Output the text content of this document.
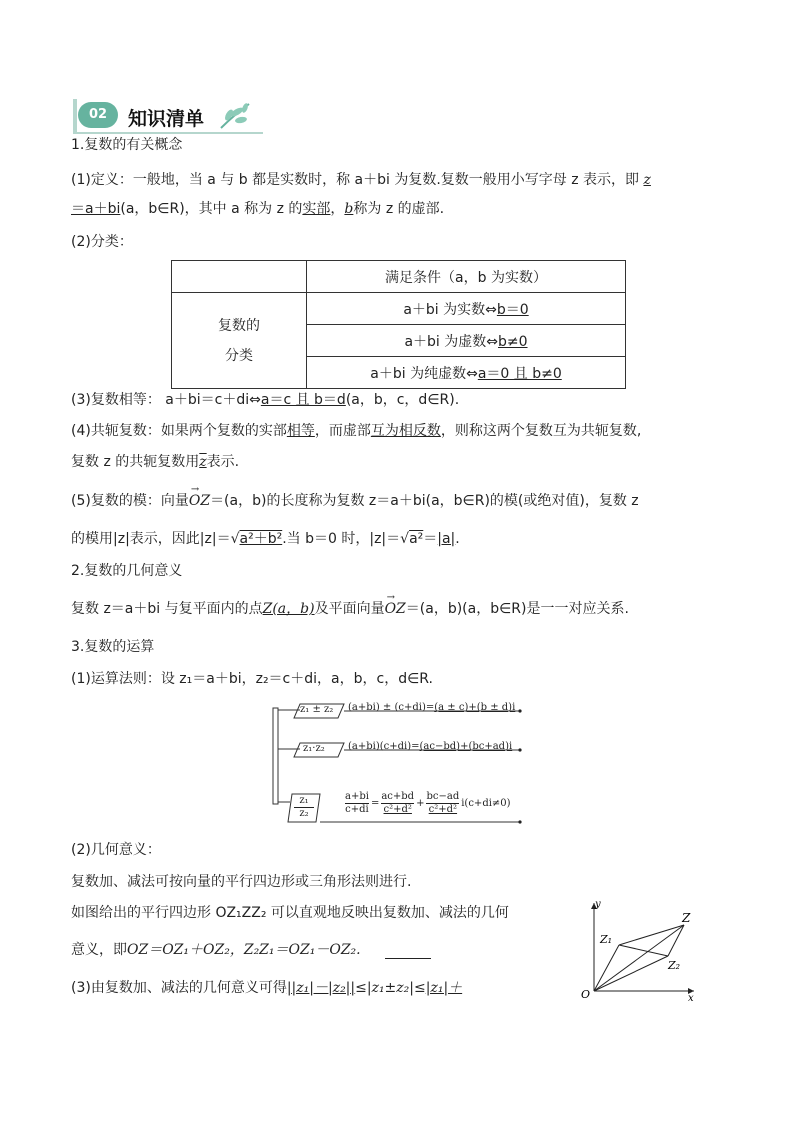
02	知识清单
1.复数的有关概念
(1)定义：一般地，当 a 与 b 都是实数时，称 a＋bi 为复数.复数一般用小写字母 z 表示，即 z
＝a＋bi(a，b∈R)，其中 a 称为 z 的实部，b称为 z 的虚部.
(2)分类：
	满足条件（a，b 为实数）

复数的
分类	a＋bi 为实数⇔b＝0
	a＋bi 为虚数⇔b≠0
	a＋bi 为纯虚数⇔a＝0 且 b≠0
(3)复数相等： a＋bi＝c＋di⇔a＝c 且 b＝d(a，b，c，d∈R).
(4)共轭复数：如果两个复数的实部相等，而虚部互为相反数，则称这两个复数互为共轭复数,
复数 z 的共轭复数用z表示.
(5)复数的模：向量→ OZ＝(a，b)的长度称为复数 z＝a＋bi(a，b∈R)的模(或绝对值)，复数 z
的模用|z|表示，因此|z|＝√a²＋b².当 b＝0 时，|z|＝√a²＝|a|.
2.复数的几何意义
复数 z＝a＋bi 与复平面内的点Z(a，b)及平面向量→ OZ＝(a，b)(a，b∈R)是一一对应关系.
3.复数的运算
(1)运算法则：设 z₁＝a＋bi，z₂＝c＋di，a，b，c，d∈R.
z₁ ± z₂ (a+bi) ± (c+di)=(a ± c)+(b ± d)i
z₁·z₂ (a+bi)(c+di)=(ac−bd)+(bc+ad)i
$\frac{\text{z₁}}{\text{z₂}}$	$\frac{a+bi}{c+di} = \frac{ac+bd}{\text{c²+d²}} + \frac{bc-ad}{\text{c²+d²}} i(c+di\ne 0)$
(2)几何意义：
复数加、减法可按向量的平行四边形或三角形法则进行.
如图给出的平行四边形 OZ₁ZZ₂ 可以直观地反映出复数加、减法的几何
意义，即OZ＝OZ₁＋OZ₂，Z₂Z₁＝OZ₁－OZ₂.
(3)由复数加、减法的几何意义可得||z₁|－|z₂||≤|z₁±z₂|≤|z₁|＋
y
x
O
Z
Z₁
Z₂
